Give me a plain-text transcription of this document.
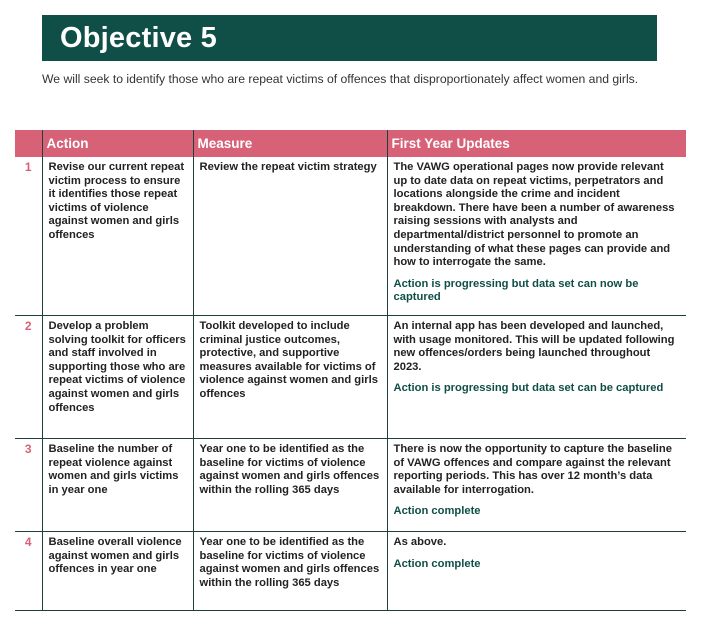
Objective 5

We will seek to identify those who are repeat victims of offences that disproportionately affect women and girls.

	Action	Measure	First Year Updates
1	Revise our current repeat victim process to ensure it identifies those repeat victims of violence against women and girls offences	Review the repeat victim strategy	The VAWG operational pages now provide relevant up to date data on repeat victims, perpetrators and locations alongside the crime and incident breakdown. There have been a number of awareness raising sessions with analysts and departmental/district personnel to promote an understanding of what these pages can provide and how to interrogate the same.

Action is progressing but data set can now be captured

2	Develop a problem solving toolkit for officers and staff involved in supporting those who are repeat victims of violence against women and girls offences	Toolkit developed to include criminal justice outcomes, protective, and supportive measures available for victims of violence against women and girls offences	An internal app has been developed and launched, with usage monitored. This will be updated following new offences/orders being launched throughout 2023.

Action is progressing but data set can be captured

3	Baseline the number of repeat violence against women and girls victims in year one	Year one to be identified as the baseline for victims of violence against women and girls offences within the rolling 365 days	There is now the opportunity to capture the baseline of VAWG offences and compare against the relevant reporting periods. This has over 12 month’s data available for interrogation.

Action complete

4	Baseline overall violence against women and girls offences in year one	Year one to be identified as the baseline for victims of violence against women and girls offences within the rolling 365 days	As above.

Action complete
